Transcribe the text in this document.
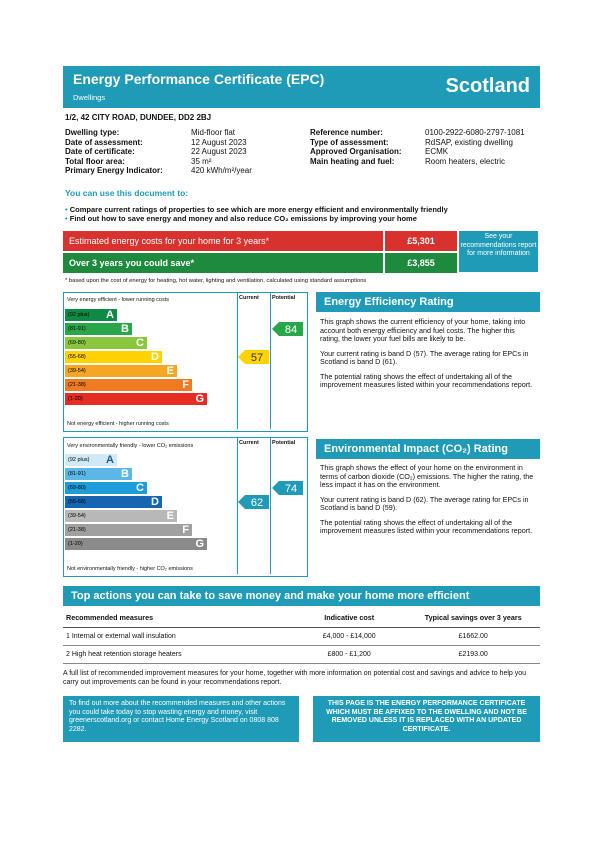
Energy Performance Certificate (EPC)
Dwellings
Scotland
1/2, 42 CITY ROAD, DUNDEE, DD2 2BJ
Dwelling type:	Mid-floor flat
Date of assessment:	12 August 2023
Date of certificate:	22 August 2023
Total floor area:	35 m²
Primary Energy Indicator:	420 kWh/m²/year
Reference number:	0100-2922-6080-2797-1081
Type of assessment:	RdSAP, existing dwelling
Approved Organisation:	ECMK
Main heating and fuel:	Room heaters, electric
You can use this document to:
• Compare current ratings of properties to see which are more energy efficient and environmentally friendly
• Find out how to save energy and money and also reduce CO₂ emissions by improving your home
Estimated energy costs for your home for 3 years*	£5,301
Over 3 years you could save*	£3,855
See your recommendations report for more information
* based upon the cost of energy for heating, hot water, lighting and ventilation, calculated using standard assumptions
Current Potential
Very energy efficient - lower running costs
Not energy efficient - higher running costs
(92 plus) A
(81-91)	B
(69-80)	C
(55-68)	D
(39-54)	E
(21-38)	F
(1-20)	G
57
84
Current Potential
Very environmentally friendly - lower CO₂ emissions
Not environmentally friendly - higher CO₂ emissions
(92 plus) A
(81-91)	B
(69-80)	C
(55-68)	D
(39-54)	E
(21-38)	F
(1-20)	G
62
74
Energy Efficiency Rating
This graph shows the current efficiency of your home, taking into account both energy efficiency and fuel costs. The higher this rating, the lower your fuel bills are likely to be.
Your current rating is band D (57). The average rating for EPCs in Scotland is band D (61).
The potential rating shows the effect of undertaking all of the improvement measures listed within your recommendations report.
Environmental Impact (CO₂) Rating
This graph shows the effect of your home on the environment in terms of carbon dioxide (CO₂) emissions. The higher the rating, the less impact it has on the environment.
Your current rating is band D (62). The average rating for EPCs in Scotland is band D (59).
The potential rating shows the effect of undertaking all of the improvement measures listed within your recommendations report.
Top actions you can take to save money and make your home more efficient
Recommended measures	Indicative cost	Typical savings over 3 years
1 Internal or external wall insulation	£4,000 - £14,000	£1662.00
2 High heat retention storage heaters	£800 - £1,200	£2193.00
A full list of recommended improvement measures for your home, together with more information on potential cost and savings and advice to help you carry out improvements can be found in your recommendations report.
To find out more about the recommended measures and other actions you could take today to stop wasting energy and money, visit greenerscotland.org or contact Home Energy Scotland on 0808 808 2282.
THIS PAGE IS THE ENERGY PERFORMANCE CERTIFICATE WHICH MUST BE AFFIXED TO THE DWELLING AND NOT BE REMOVED UNLESS IT IS REPLACED WITH AN UPDATED CERTIFICATE.
